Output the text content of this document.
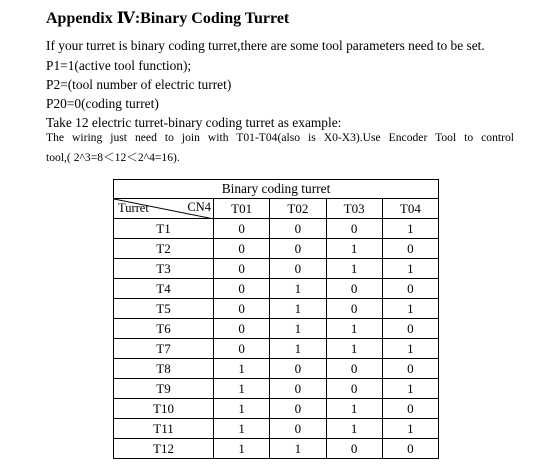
Appendix Ⅳ:Binary Coding Turret
If your turret is binary coding turret,there are some tool parameters need to be set.
P1=1(active tool function);
P2=(tool number of electric turret)
P20=0(coding turret)
Take 12 electric turret-binary coding turret as example:
The wiring just need to join with T01-T04(also is X0-X3).Use Encoder Tool to control
tool,( 2^3=8＜12＜2^4=16).
Binary coding turret				

Turret CN4	T01	T02	T03	T04
T1	0	0	0	1
T2	0	0	1	0
T3	0	0	1	1
T4	0	1	0	0
T5	0	1	0	1
T6	0	1	1	0
T7	0	1	1	1
T8	1	0	0	0
T9	1	0	0	1
T10	1	0	1	0
T11	1	0	1	1
T12	1	1	0	0
